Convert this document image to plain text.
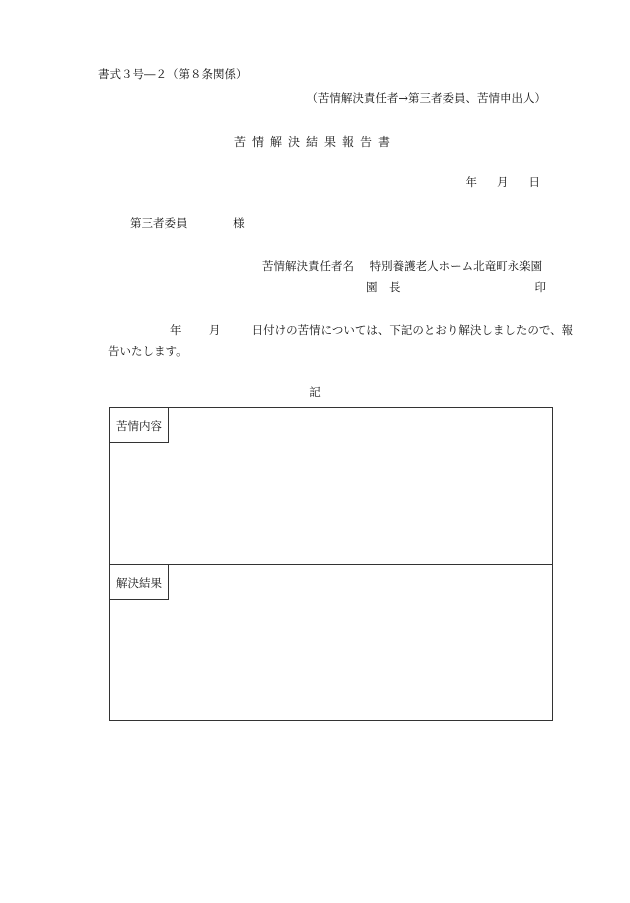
書式３号―２（第８条関係）
（苦情解決責任者→第三者委員、苦情申出人）
苦情解決結果報告書
年 月 日
第三者委員	様
苦情解決責任者名 特別養護老人ホーム北竜町永楽園
園　長	印
年 月	日付けの苦情については、下記のとおり解決しましたので、報
告いたします。
記
苦情内容
解決結果
